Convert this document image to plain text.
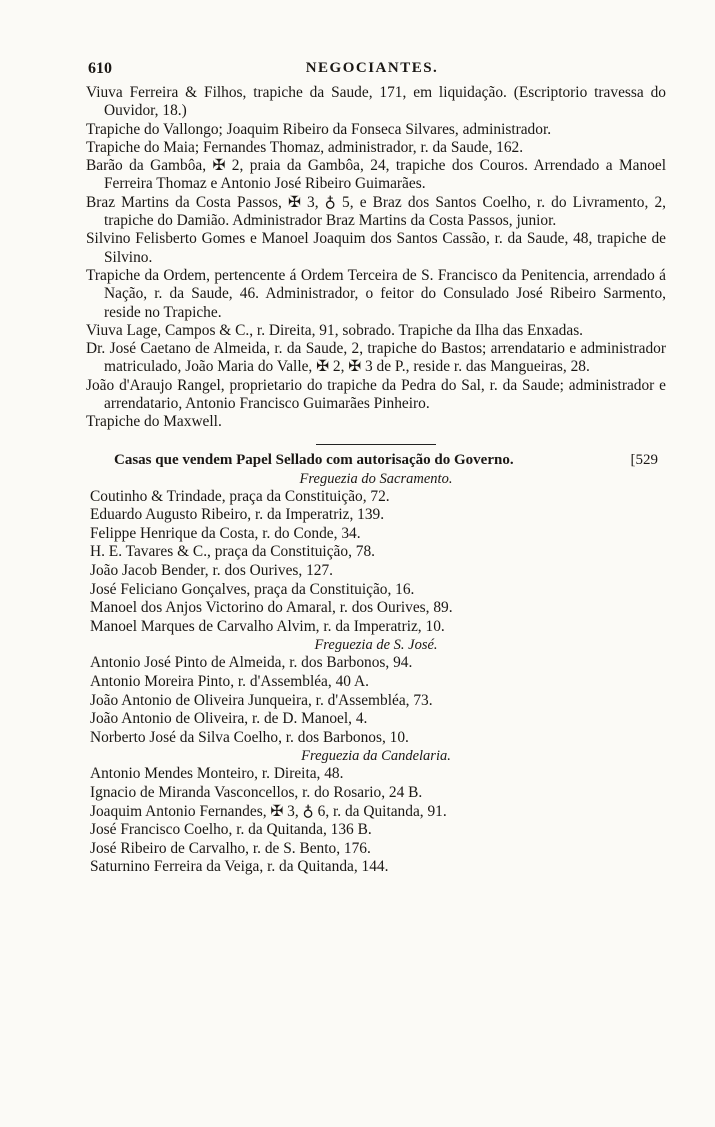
610	NEGOCIANTES.

Viuva Ferreira & Filhos, trapiche da Saude, 171, em liquidação. (Escriptorio travessa do Ouvidor, 18.)

Trapiche do Vallongo; Joaquim Ribeiro da Fonseca Silvares, administrador.

Trapiche do Maia; Fernandes Thomaz, administrador, r. da Saude, 162.

Barão da Gambôa, ✠ 2, praia da Gambôa, 24, trapiche dos Couros. Arrendado a Manoel Ferreira Thomaz e Antonio José Ribeiro Guimarães.

Braz Martins da Costa Passos, ✠ 3, ♁ 5, e Braz dos Santos Coelho, r. do Livramento, 2, trapiche do Damião. Administrador Braz Martins da Costa Passos, junior.

Silvino Felisberto Gomes e Manoel Joaquim dos Santos Cassão, r. da Saude, 48, trapiche de Silvino.

Trapiche da Ordem, pertencente á Ordem Terceira de S. Francisco da Penitencia, arrendado á Nação, r. da Saude, 46. Administrador, o feitor do Consulado José Ribeiro Sarmento, reside no Trapiche.

Viuva Lage, Campos & C., r. Direita, 91, sobrado. Trapiche da Ilha das Enxadas.

Dr. José Caetano de Almeida, r. da Saude, 2, trapiche do Bastos; arrendatario e administrador matriculado, João Maria do Valle, ✠ 2, ✠ 3 de P., reside r. das Mangueiras, 28.

João d'Araujo Rangel, proprietario do trapiche da Pedra do Sal, r. da Saude; administrador e arrendatario, Antonio Francisco Guimarães Pinheiro.

Trapiche do Maxwell.

Casas que vendem Papel Sellado com autorisação do Governo.	[529
Freguezia do Sacramento.

Coutinho & Trindade, praça da Constituição, 72.

Eduardo Augusto Ribeiro, r. da Imperatriz, 139.

Felippe Henrique da Costa, r. do Conde, 34.

H. E. Tavares & C., praça da Constituição, 78.

João Jacob Bender, r. dos Ourives, 127.

José Feliciano Gonçalves, praça da Constituição, 16.

Manoel dos Anjos Victorino do Amaral, r. dos Ourives, 89.

Manoel Marques de Carvalho Alvim, r. da Imperatriz, 10.

Freguezia de S. José.

Antonio José Pinto de Almeida, r. dos Barbonos, 94.

Antonio Moreira Pinto, r. d'Assembléa, 40 A.

João Antonio de Oliveira Junqueira, r. d'Assembléa, 73.

João Antonio de Oliveira, r. de D. Manoel, 4.

Norberto José da Silva Coelho, r. dos Barbonos, 10.

Freguezia da Candelaria.

Antonio Mendes Monteiro, r. Direita, 48.

Ignacio de Miranda Vasconcellos, r. do Rosario, 24 B.

Joaquim Antonio Fernandes, ✠ 3, ♁ 6, r. da Quitanda, 91.

José Francisco Coelho, r. da Quitanda, 136 B.

José Ribeiro de Carvalho, r. de S. Bento, 176.

Saturnino Ferreira da Veiga, r. da Quitanda, 144.
